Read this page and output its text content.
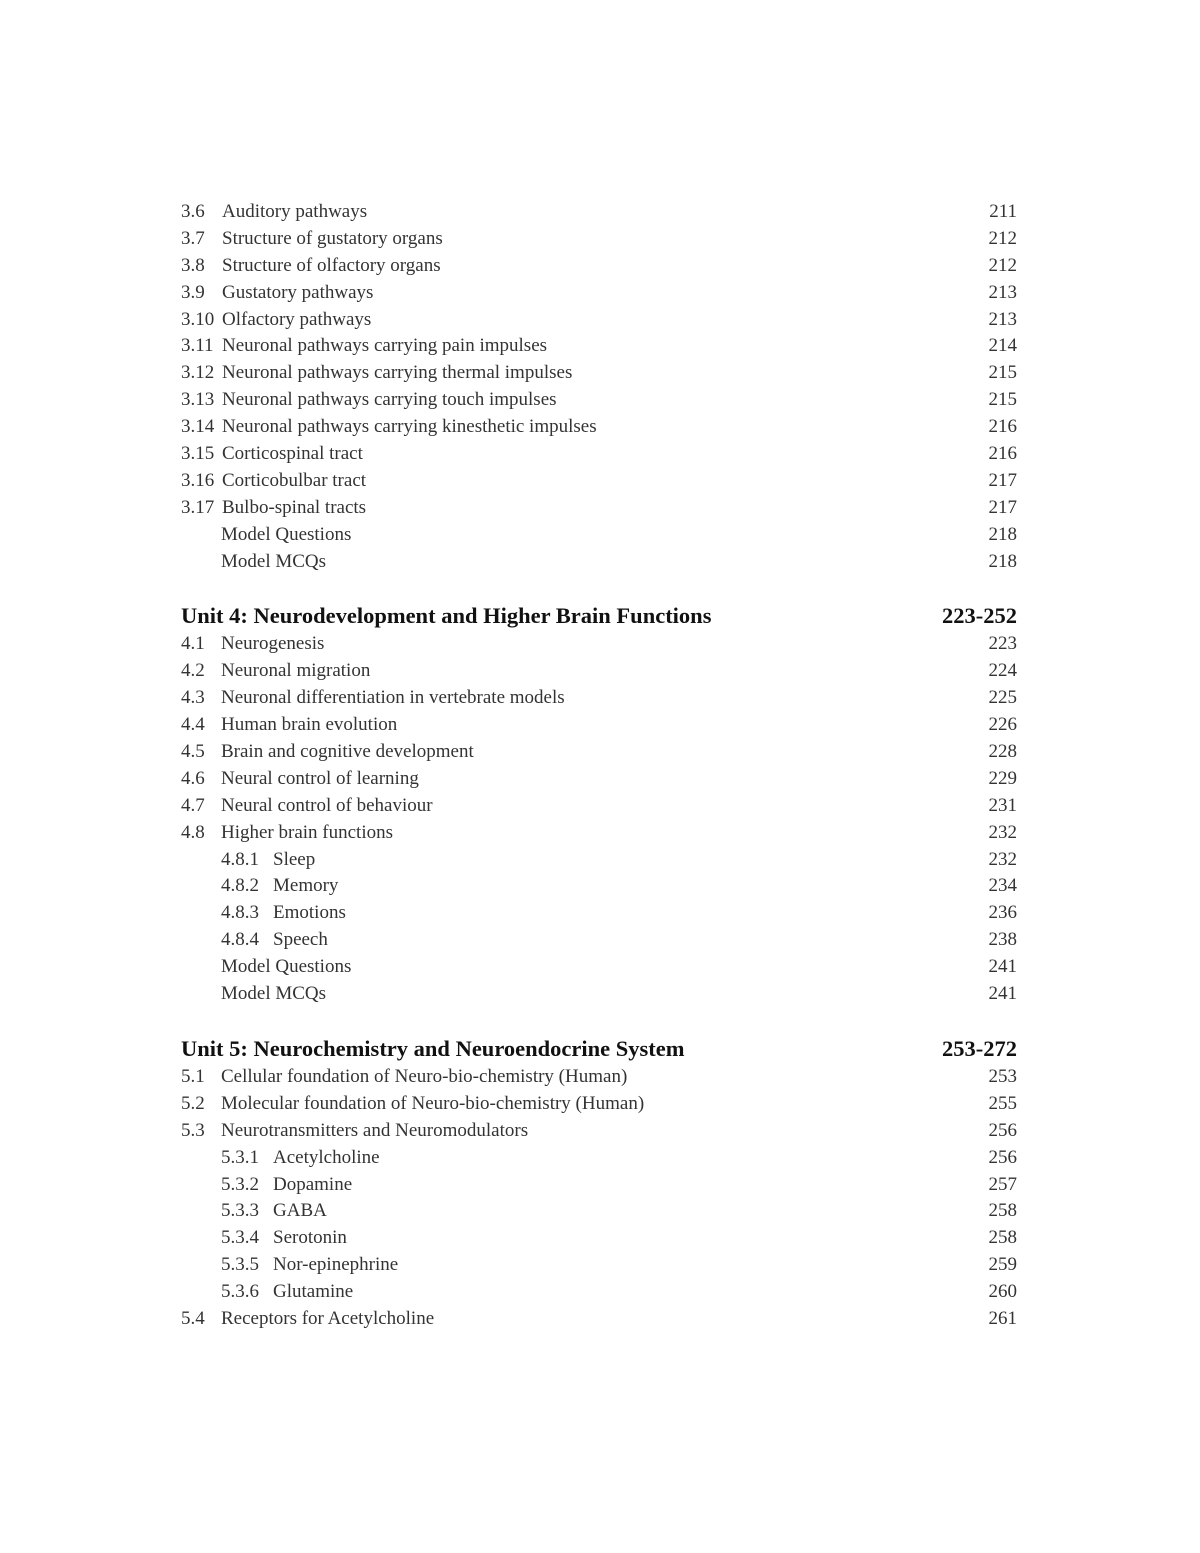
3.6 Auditory pathways	211
3.7 Structure of gustatory organs	212
3.8 Structure of olfactory organs	212
3.9 Gustatory pathways	213
3.10 Olfactory pathways	213
3.11 Neuronal pathways carrying pain impulses	214
3.12 Neuronal pathways carrying thermal impulses	215
3.13 Neuronal pathways carrying touch impulses	215
3.14 Neuronal pathways carrying kinesthetic impulses	216
3.15 Corticospinal tract	216
3.16 Corticobulbar tract	217
3.17 Bulbo-spinal tracts	217
Model Questions	218
Model MCQs	218
Unit 4: Neurodevelopment and Higher Brain Functions	223-252
4.1 Neurogenesis	223
4.2 Neuronal migration	224
4.3 Neuronal differentiation in vertebrate models	225
4.4 Human brain evolution	226
4.5 Brain and cognitive development	228
4.6 Neural control of learning	229
4.7 Neural control of behaviour	231
4.8 Higher brain functions	232
4.8.1 Sleep	232
4.8.2 Memory	234
4.8.3 Emotions	236
4.8.4 Speech	238
Model Questions	241
Model MCQs	241
Unit 5: Neurochemistry and Neuroendocrine System	253-272
5.1 Cellular foundation of Neuro-bio-chemistry (Human)	253
5.2 Molecular foundation of Neuro-bio-chemistry (Human)	255
5.3 Neurotransmitters and Neuromodulators	256
5.3.1 Acetylcholine	256
5.3.2 Dopamine	257
5.3.3 GABA	258
5.3.4 Serotonin	258
5.3.5 Nor-epinephrine	259
5.3.6 Glutamine	260
5.4 Receptors for Acetylcholine	261
